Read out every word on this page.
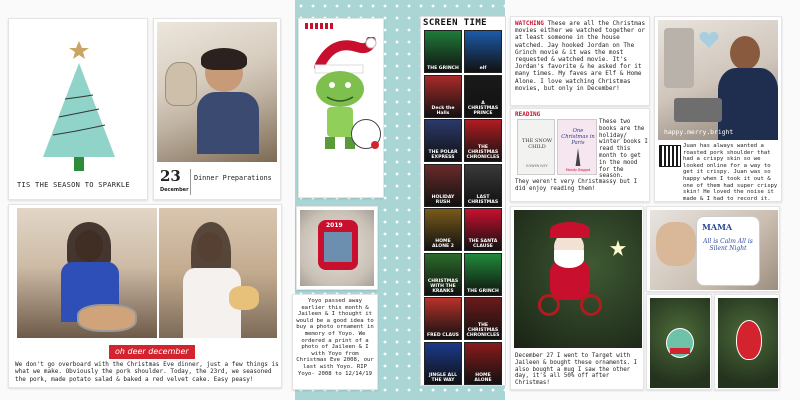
TIS THE SEASON TO SPARKLE	23
December
Dinner Preparations
SCREEN TIME
oh deer december
We don't go overboard with the Christmas Eve dinner, just a few things is what we make. Obviously the pork shoulder. Today, the 23rd, we seasoned the pork, made potato salad & baked a red velvet cake. Easy peasy!
2019
Yoyo passed away earlier this month & Jaileen & I thought it would be a good idea to buy a photo ornament in memory of Yoyo. We ordered a print of a photo of Jaileen & I with Yoyo from Christmas Eve 2008, our last with Yoyo. RIP Yoyo- 2008 to 12/14/19
WATCHING These are all the Christmas movies either we watched together or at least someone in the house watched. Jay hooked Jordan on The Grinch movie & it was the most requested & watched movie. It's Jordan's favorite & he asked for it many times. My faves are Elf & Home Alone. I love watching Christmas movies, but only in December!
READING
THE SNOW CHILD
EOWYN IVEY
One Christmas in Paris
Mandy Baggot
These two books are the holiday/ winter books I read this month to get in the mood for the season.
They weren't very Christmassy but I did enjoy reading them!
happy.merry.bright
Juan has always wanted a roasted pork shoulder that had a crispy skin so we looked online for a way to get it crispy. Juan was so happy when I took it out & one of them had super crispy skin! He loved the noise it made & I had to record it.
December 27 I went to Target with Jaileen & bought these ornaments. I also bought a mug I saw the other day, it's all 50% off after Christmas!
MAMA
All is Calm All is Silent Night
THE GRINCH	elf
Deck the Halls
A CHRISTMAS PRINCE
THE POLAR EXPRESS
THE CHRISTMAS CHRONICLES
HOLIDAY RUSH
LAST CHRISTMAS
HOME ALONE 2
THE SANTA CLAUSE
CHRISTMAS WITH THE KRANKS	THE GRINCH
FRED CLAUS
THE CHRISTMAS CHRONICLES
JINGLE ALL THE WAY
HOME ALONE
